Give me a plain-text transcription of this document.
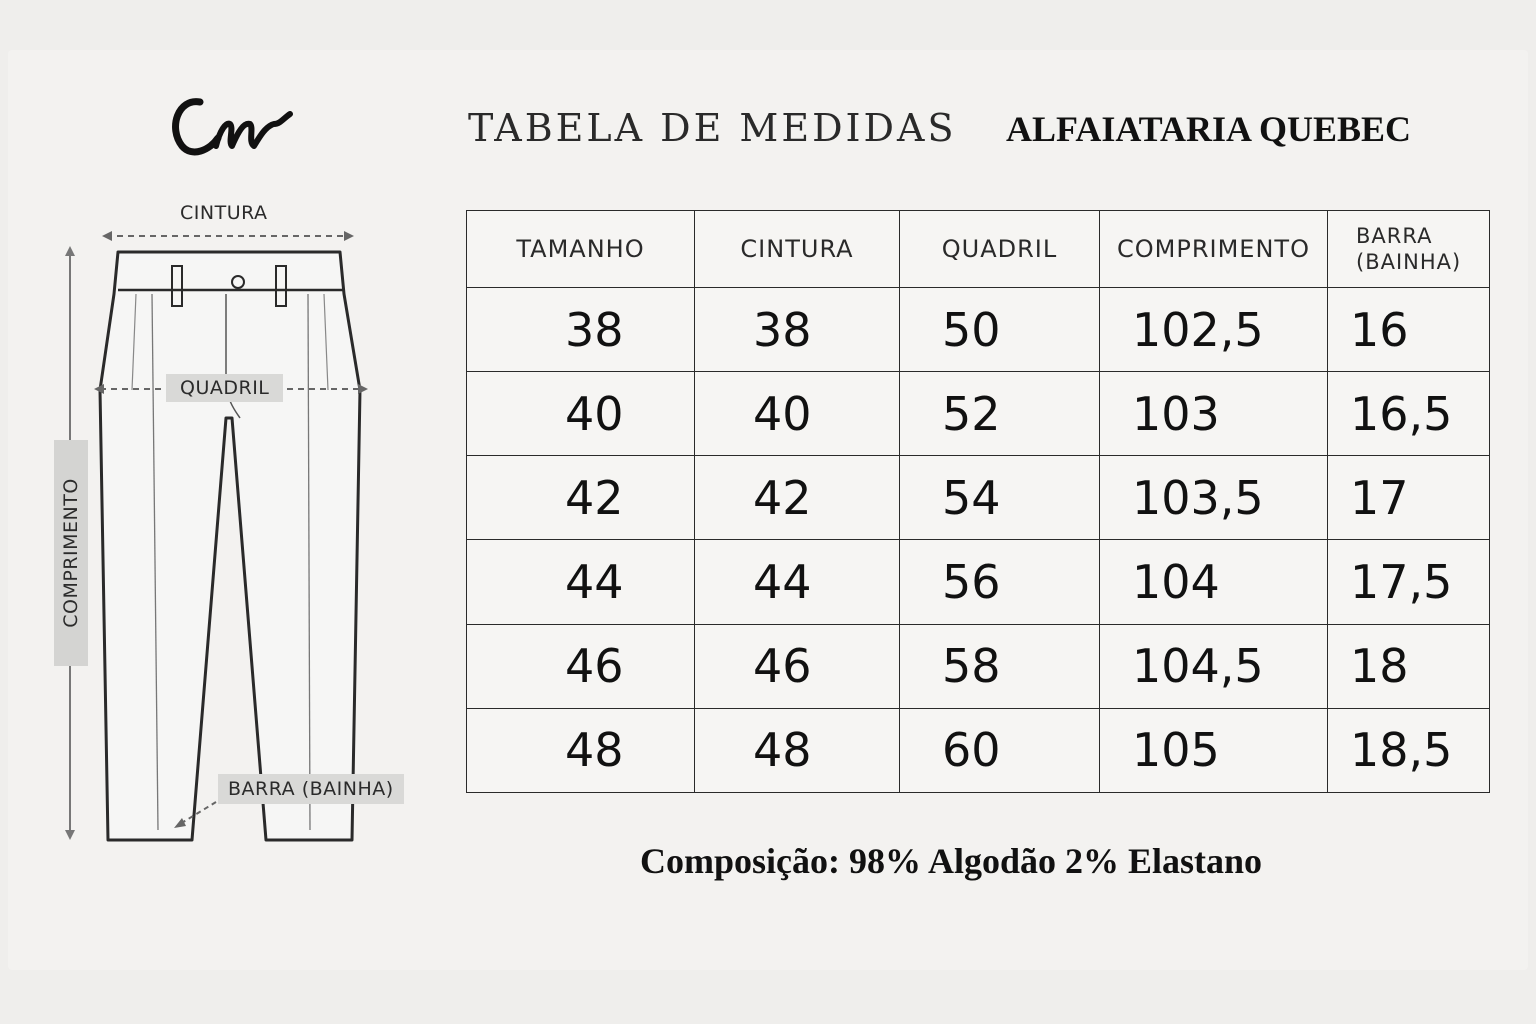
TABELA DE MEDIDAS ALFAIATARIA QUEBEC
CINTURA
QUADRIL
COMPRIMENTO
BARRA (BAINHA)
TAMANHO	CINTURA	QUADRIL	COMPRIMENTO	BARRA
(BAINHA)
38	38	50	102,5	16
40	40	52	103	16,5
42	42	54	103,5	17
44	44	56	104	17,5
46	46	58	104,5	18
48	48	60	105	18,5
Composição: 98% Algodão 2% Elastano
